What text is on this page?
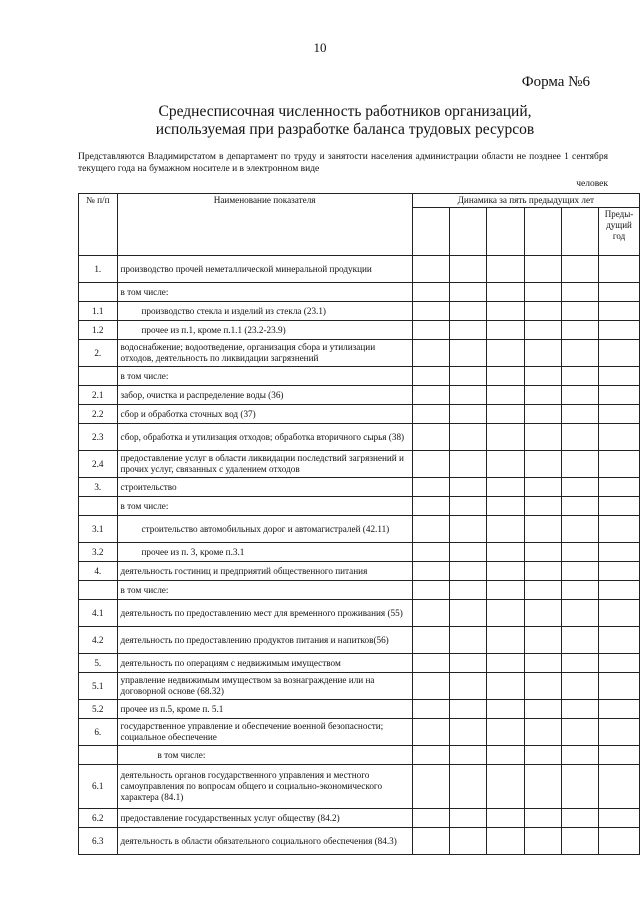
10
Форма №6
Среднесписочная численность работников организаций,
используемая при разработке баланса трудовых ресурсов
Представляются Владимирстатом в департамент по труду и занятости населения администрации области не позднее 1 сентября текущего года на бумажном носителе и в электронном виде
человек
№ п/п	Наименование показателя	Динамика за пять предыдущих лет					
							Преды-дущий год
1.	производство прочей неметаллической минеральной продукции						
	в том числе:						
1.1	производство стекла и изделий из стекла (23.1)						
1.2	прочее из п.1, кроме п.1.1 (23.2-23.9)						
2.	водоснабжение; водоотведение, организация сбора и утилизации отходов, деятельность по ликвидации загрязнений						
	в том числе:						
2.1	забор, очистка и распределение воды (36)						
2.2	сбор и обработка сточных вод (37)						
2.3	сбор, обработка и утилизация отходов; обработка вторичного сырья (38)						
2.4	предоставление услуг в области ликвидации последствий загрязнений и прочих услуг, связанных с удалением отходов						
3.	строительство						
	в том числе:						
3.1	строительство автомобильных дорог и автомагистралей (42.11)						
3.2	прочее из п. 3, кроме п.3.1						
4.	деятельность гостиниц и предприятий общественного питания						
	в том числе:						
4.1	деятельность по предоставлению мест для временного проживания (55)						
4.2	деятельность по предоставлению продуктов питания и напитков(56)						
5.	деятельность по операциям с недвижимым имуществом						
5.1	управление недвижимым имуществом за вознаграждение или на договорной основе (68.32)						
5.2	прочее из п.5, кроме п. 5.1						
6.	государственное управление и обеспечение военной безопасности; социальное обеспечение						
	в том числе:						
6.1	деятельность органов государственного управления и местного самоуправления по вопросам общего и социально-экономического характера (84.1)						
6.2	предоставление государственных услуг обществу (84.2)						
6.3	деятельность в области обязательного социального обеспечения (84.3)						
